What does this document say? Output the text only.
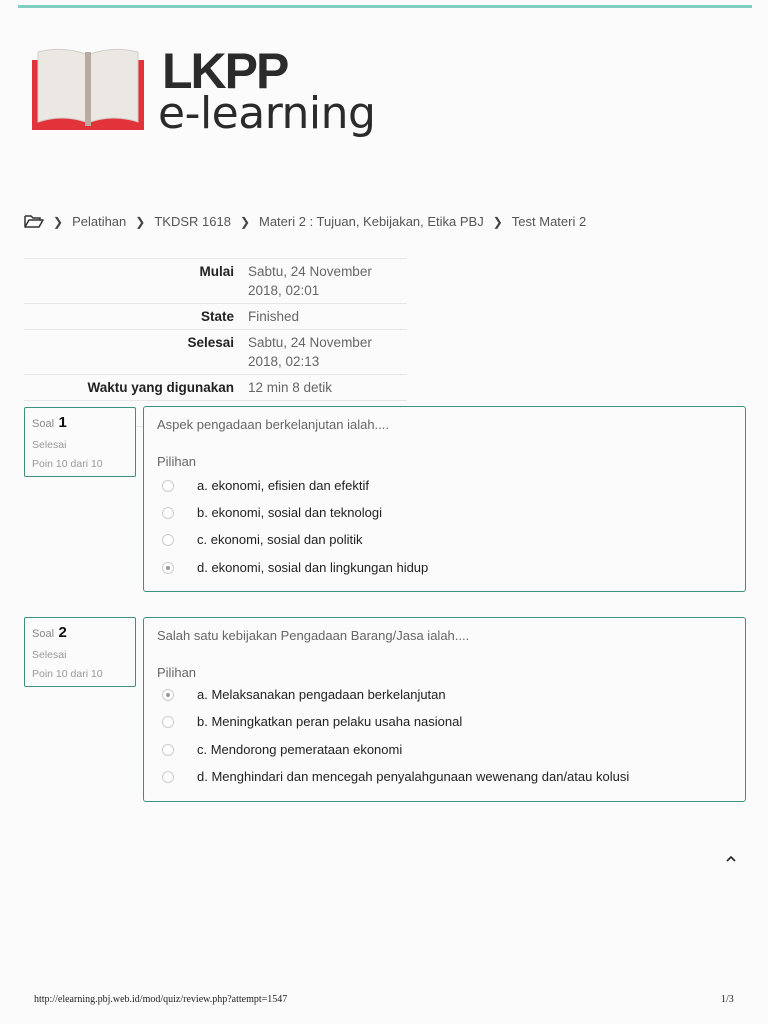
LKPP
e-learning
❯ Pelatihan ❯ TKDSR 1618 ❯ Materi 2 : Tujuan, Kebijakan, Etika PBJ ❯ Test Materi 2
Mulai	Sabtu, 24 November 2018, 02:01
State	Finished
Selesai	Sabtu, 24 November 2018, 02:13
Waktu yang digunakan	12 min 8 detik

Soal 1
Selesai
Poin 10 dari 10
Aspek pengadaan berkelanjutan ialah....
Pilihan
a. ekonomi, efisien dan efektif
b. ekonomi, sosial dan teknologi
c. ekonomi, sosial dan politik
d. ekonomi, sosial dan lingkungan hidup
Soal 2
Selesai
Poin 10 dari 10
Salah satu kebijakan Pengadaan Barang/Jasa ialah....
Pilihan
a. Melaksanakan pengadaan berkelanjutan
b. Meningkatkan peran pelaku usaha nasional
c. Mendorong pemerataan ekonomi
d. Menghindari dan mencegah penyalahgunaan wewenang dan/atau kolusi
http://elearning.pbj.web.id/mod/quiz/review.php?attempt=1547	1/3
